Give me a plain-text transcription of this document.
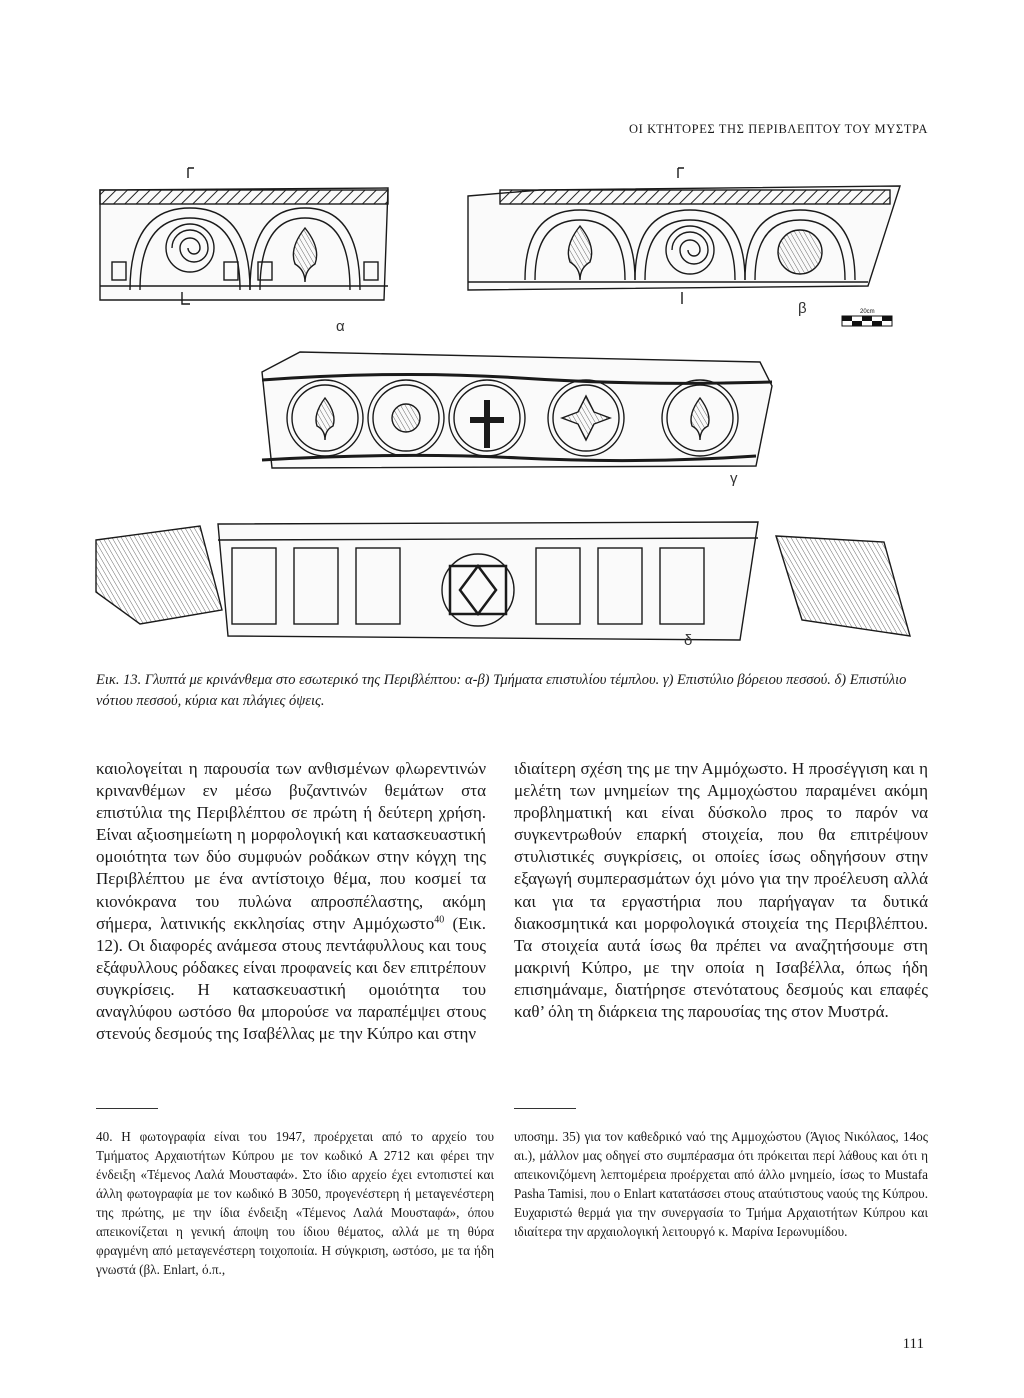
ΟΙ ΚΤΗΤΟΡΕΣ ΤΗΣ ΠΕΡΙΒΛΕΠΤΟΥ ΤΟΥ ΜΥΣΤΡΑ
20cm
α
β
γ
δ
Εικ. 13. Γλυπτά με κρινάνθεμα στο εσωτερικό της Περιβλέπτου: α-β) Τμήματα επιστυλίου τέμπλου. γ) Επιστύλιο βόρειου πεσσού. δ) Επιστύλιο νότιου πεσσού, κύρια και πλάγιες όψεις.

καιολογείται η παρουσία των ανθισμένων φλωρεντινών κρινανθέμων εν μέσω βυζαντινών θεμάτων στα επιστύλια της Περιβλέπτου σε πρώτη ή δεύτερη χρήση. Είναι αξιοσημείωτη η μορφολογική και κατασκευαστική ομοιότητα των δύο συμφυών ροδάκων στην κόγχη της Περιβλέπτου με ένα αντίστοιχο θέμα, που κοσμεί τα κιονόκρανα του πυλώνα απροσπέλαστης, ακόμη σήμερα, λατινικής εκκλησίας στην Αμμόχωστο$^{40}$ (Εικ. 12). Οι διαφορές ανάμεσα στους πεντάφυλλους και τους εξάφυλλους ρόδακες είναι προφανείς και δεν επιτρέπουν συγκρίσεις. Η κατασκευαστική ομοιότητα του αναγλύφου ωστόσο θα μπορούσε να παραπέμψει στους στενούς δεσμούς της Ισαβέλλας με την Κύπρο και στην

ιδιαίτερη σχέση της με την Αμμόχωστο. Η προσέγγιση και η μελέτη των μνημείων της Αμμοχώστου παραμένει ακόμη προβληματική και είναι δύσκολο προς το παρόν να συγκεντρωθούν επαρκή στοιχεία, που θα επιτρέψουν στυλιστικές συγκρίσεις, οι οποίες ίσως οδηγήσουν στην εξαγωγή συμπερασμάτων όχι μόνο για την προέλευση αλλά και για τα εργαστήρια που παρήγαγαν τα δυτικά διακοσμητικά και μορφολογικά στοιχεία της Περιβλέπτου. Τα στοιχεία αυτά ίσως θα πρέπει να αναζητήσουμε στη μακρινή Κύπρο, με την οποία η Ισαβέλλα, όπως ήδη επισημάναμε, διατήρησε στενότατους δεσμούς και επαφές καθ’ όλη τη διάρκεια της παρουσίας της στον Μυστρά.

40. Η φωτογραφία είναι του 1947, προέρχεται από το αρχείο του Τμήματος Αρχαιοτήτων Κύπρου με τον κωδικό Α 2712 και φέρει την ένδειξη «Τέμενος Λαλά Μουσταφά». Στο ίδιο αρχείο έχει εντοπιστεί και άλλη φωτογραφία με τον κωδικό Β 3050, προγενέστερη ή μεταγενέστερη της πρώτης, με την ίδια ένδειξη «Τέμενος Λαλά Μουσταφά», όπου απεικονίζεται η γενική άποψη του ίδιου θέματος, αλλά με τη θύρα φραγμένη από μεταγενέστερη τοιχοποιία. Η σύγκριση, ωστόσο, με τα ήδη γνωστά (βλ. Enlart, ό.π.,

υποσημ. 35) για τον καθεδρικό ναό της Αμμοχώστου (Άγιος Νικόλαος, 14ος αι.), μάλλον μας οδηγεί στο συμπέρασμα ότι πρόκειται περί λάθους και ότι η απεικονιζόμενη λεπτομέρεια προέρχεται από άλλο μνημείο, ίσως το Mustafa Pasha Tamisi, που ο Enlart κατατάσσει στους αταύτιστους ναούς της Κύπρου. Ευχαριστώ θερμά για την συνεργασία το Τμήμα Αρχαιοτήτων Κύπρου και ιδιαίτερα την αρχαιολογική λειτουργό κ. Μαρίνα Ιερωνυμίδου.

111
